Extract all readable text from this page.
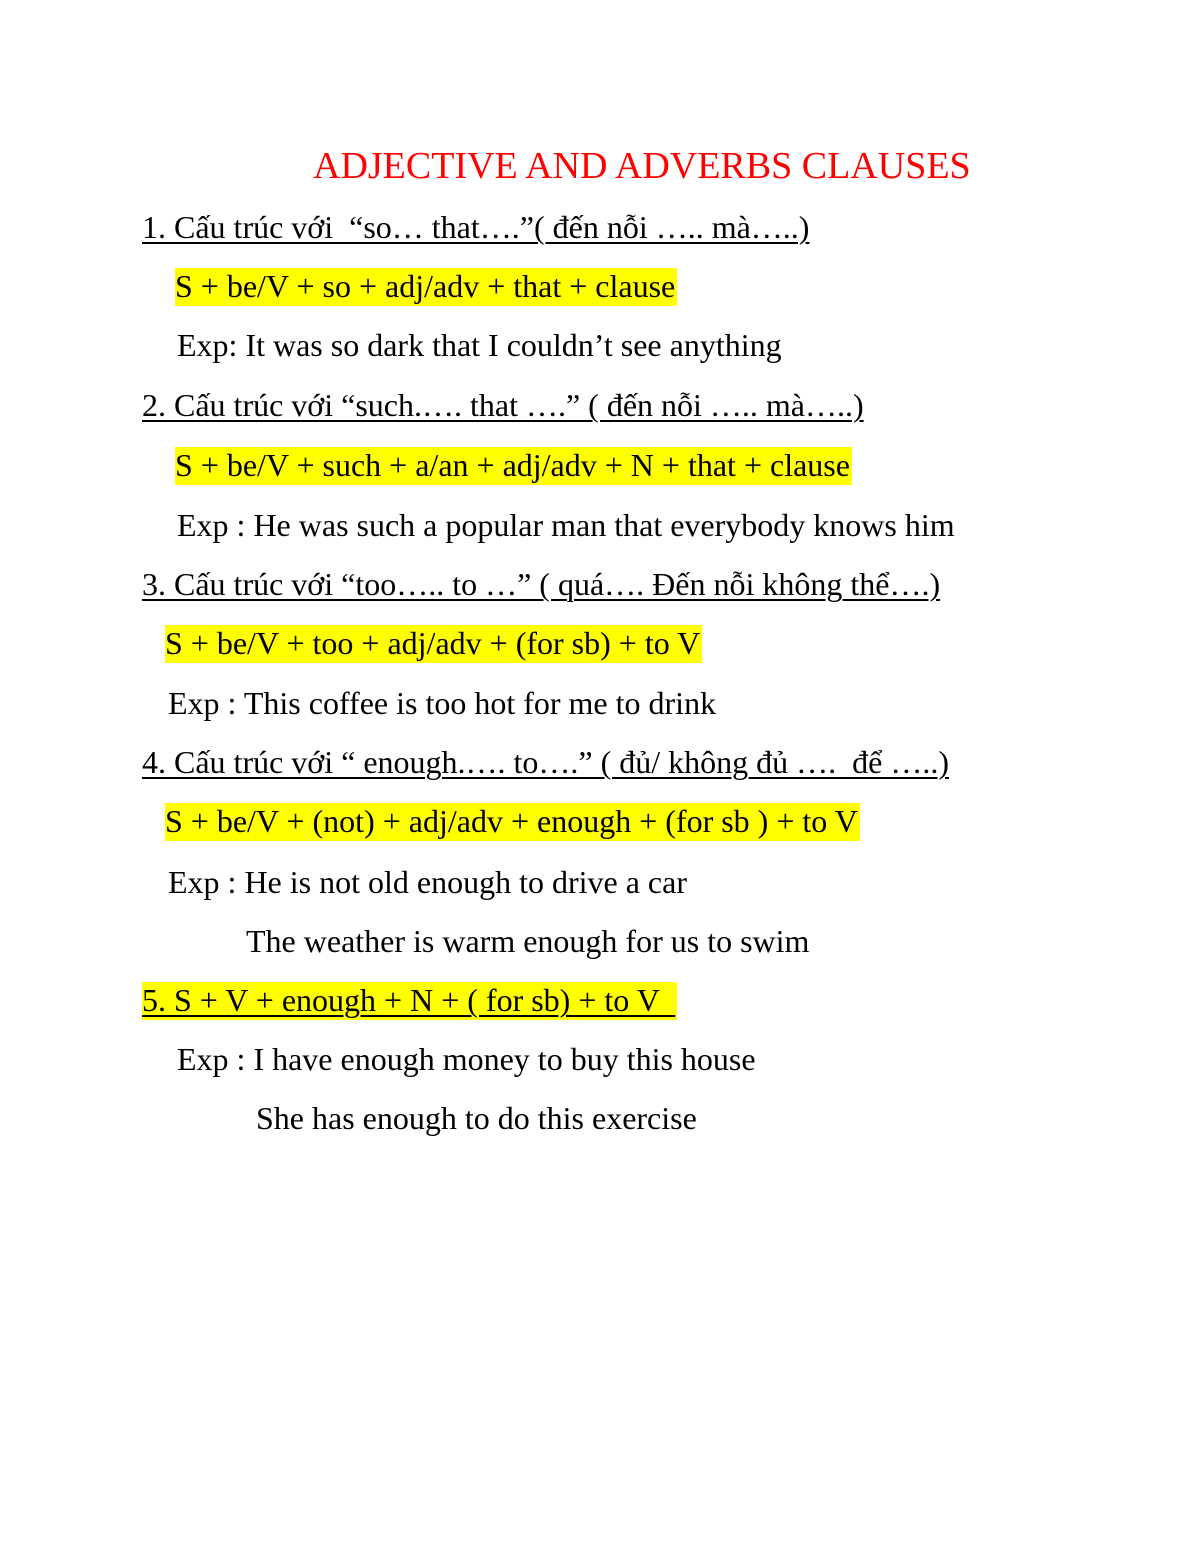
ADJECTIVE AND ADVERBS CLAUSES
1. Cấu trúc với  “so… that….”( đến nỗi ….. mà…..)
S + be/V + so + adj/adv + that + clause
Exp: It was so dark that I couldn’t see anything
2. Cấu trúc với “such.…. that ….” ( đến nỗi ….. mà…..)
S + be/V + such + a/an + adj/adv + N + that + clause
Exp : He was such a popular man that everybody knows him
3. Cấu trúc với “too….. to …” ( quá…. Đến nỗi không thể….)
S + be/V + too + adj/adv + (for sb) + to V
Exp : This coffee is too hot for me to drink
4. Cấu trúc với “ enough.…. to….” ( đủ/ không đủ ….  để …..)
S + be/V + (not) + adj/adv + enough + (for sb ) + to V
Exp : He is not old enough to drive a car
The weather is warm enough for us to swim
5. S + V + enough + N + ( for sb) + to V
Exp : I have enough money to buy this house
She has enough to do this exercise
